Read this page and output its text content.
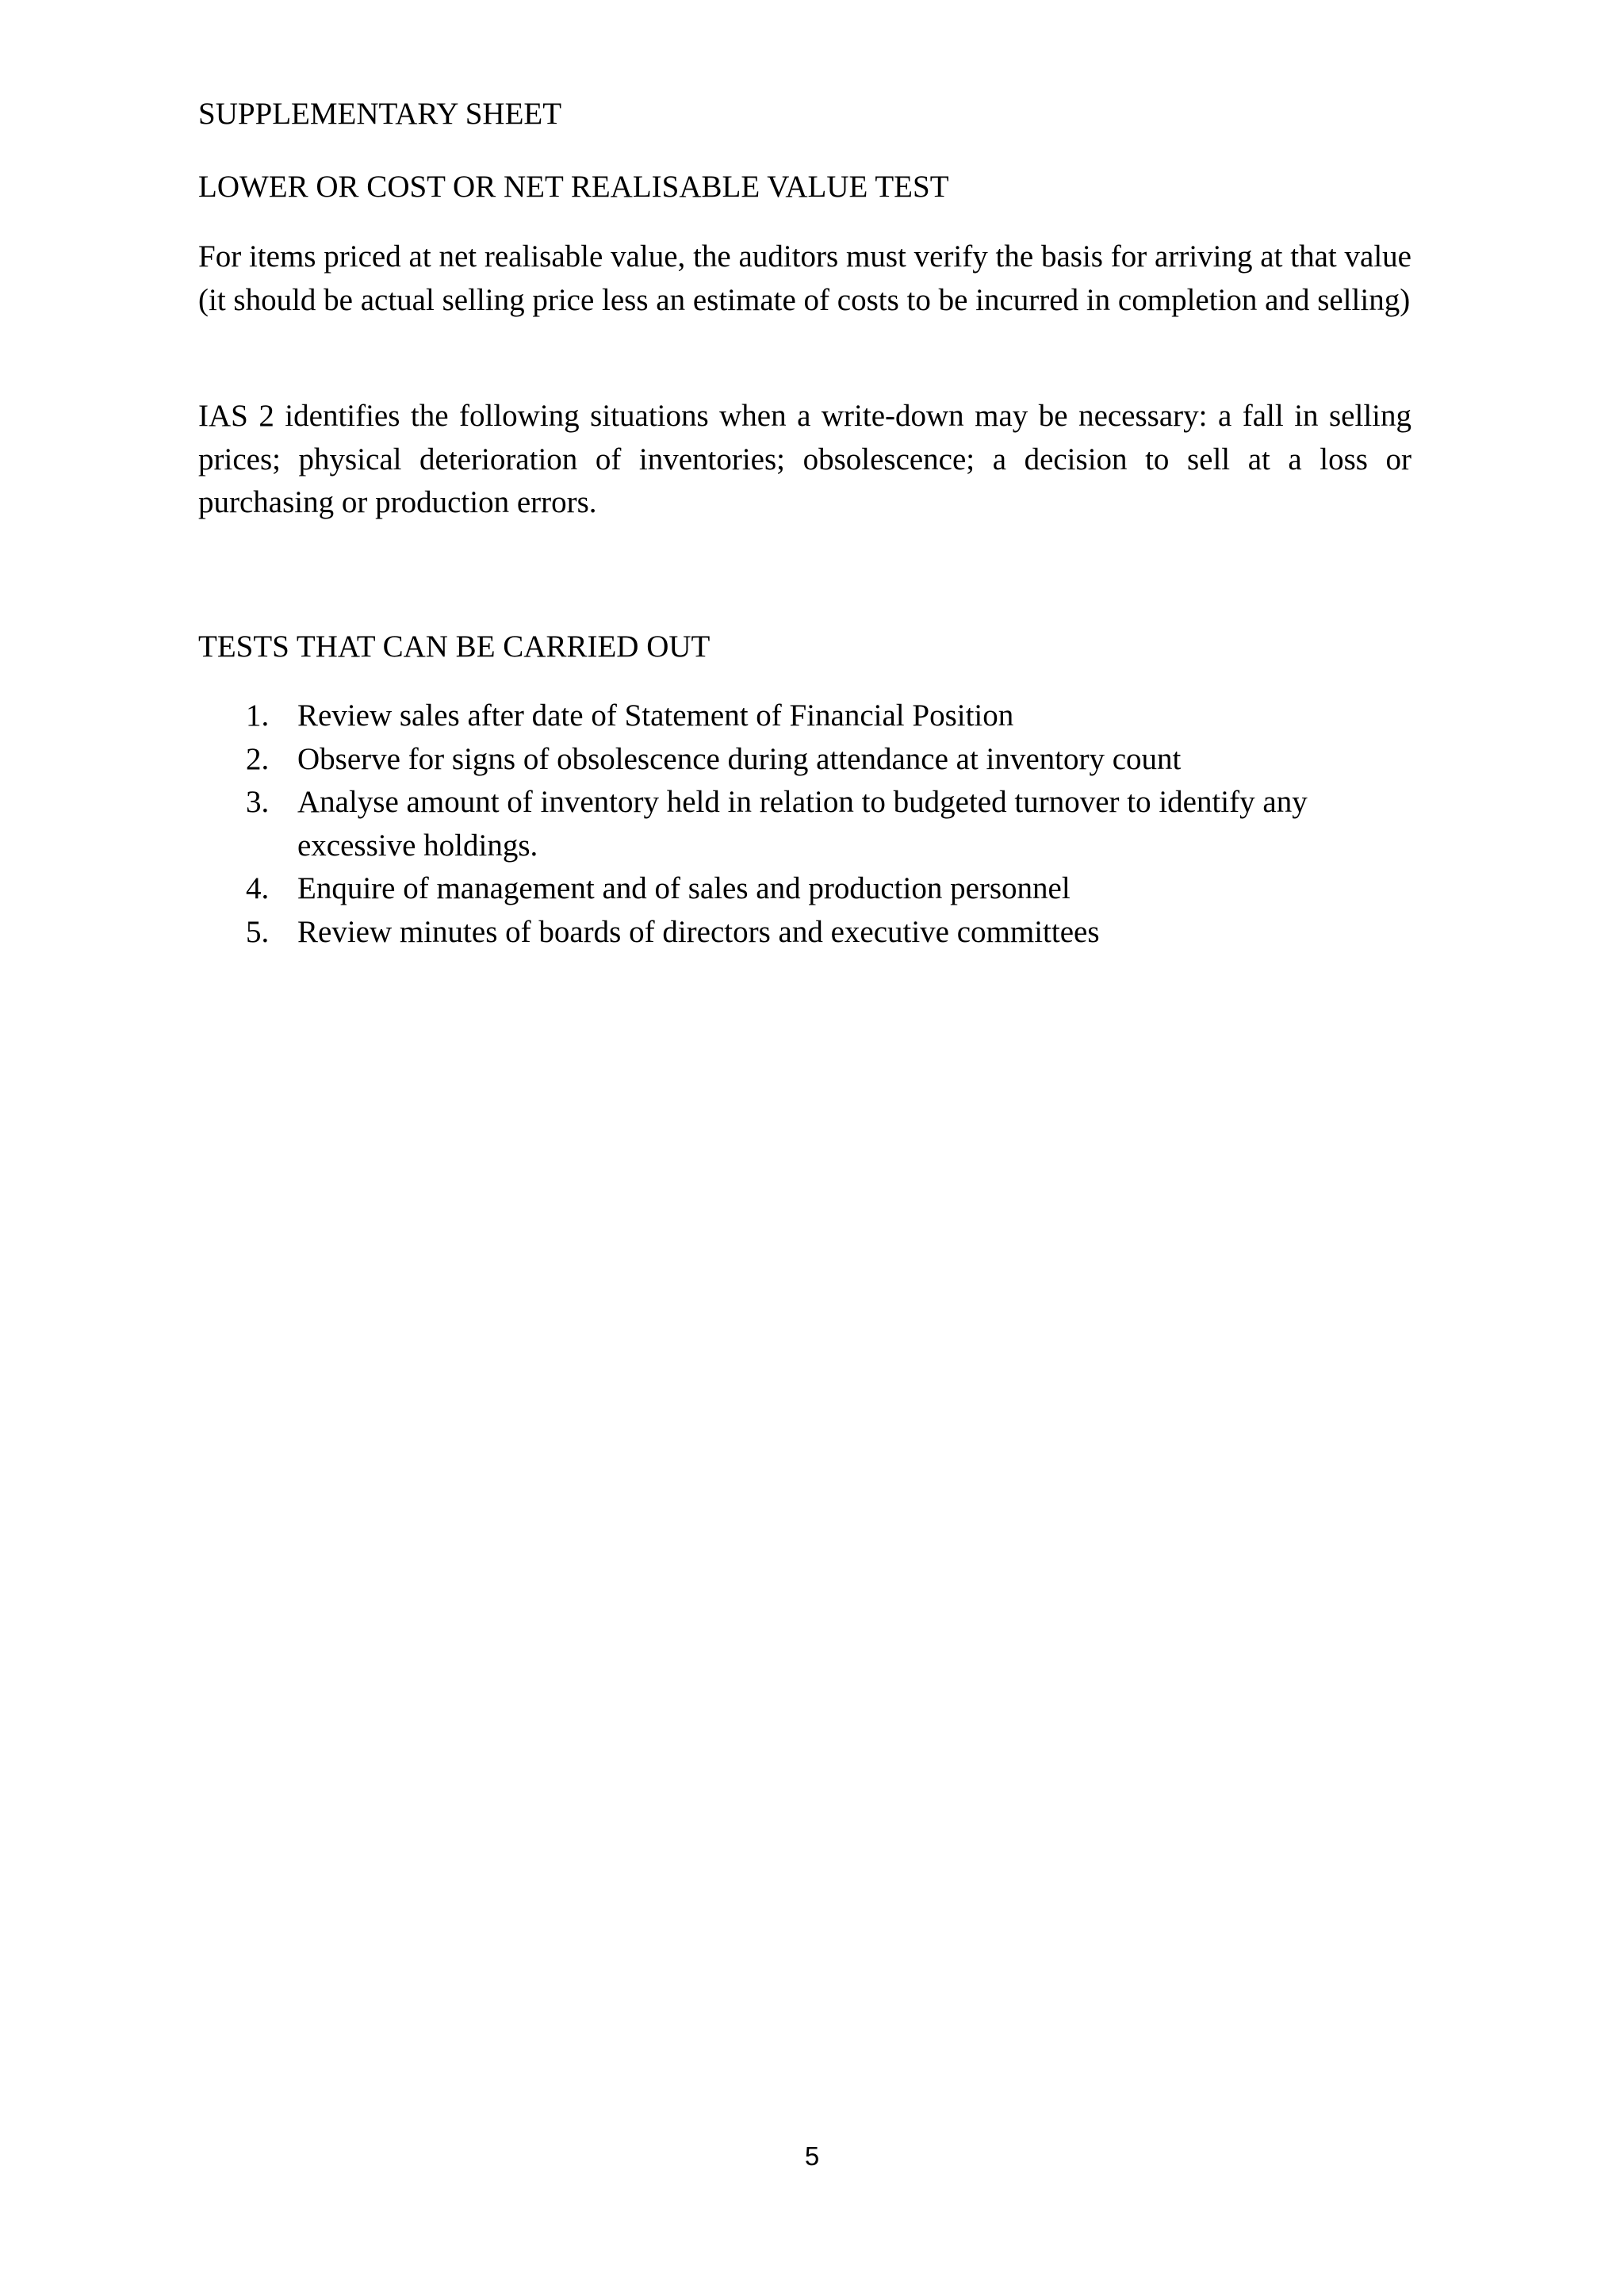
SUPPLEMENTARY SHEET
LOWER OR COST OR NET REALISABLE VALUE TEST
For items priced at net realisable value, the auditors must verify the basis for arriving at that value (it should be actual selling price less an estimate of costs to be incurred in completion and selling)
IAS 2 identifies the following situations when a write-down may be necessary: a fall in selling prices; physical deterioration of inventories; obsolescence; a decision to sell at a loss or purchasing or production errors.
TESTS THAT CAN BE CARRIED OUT
1. Review sales after date of Statement of Financial Position
2. Observe for signs of obsolescence during attendance at inventory count
3. Analyse amount of inventory held in relation to budgeted turnover to identify any excessive holdings.
4. Enquire of management and of sales and production personnel
5. Review minutes of boards of directors and executive committees
5
